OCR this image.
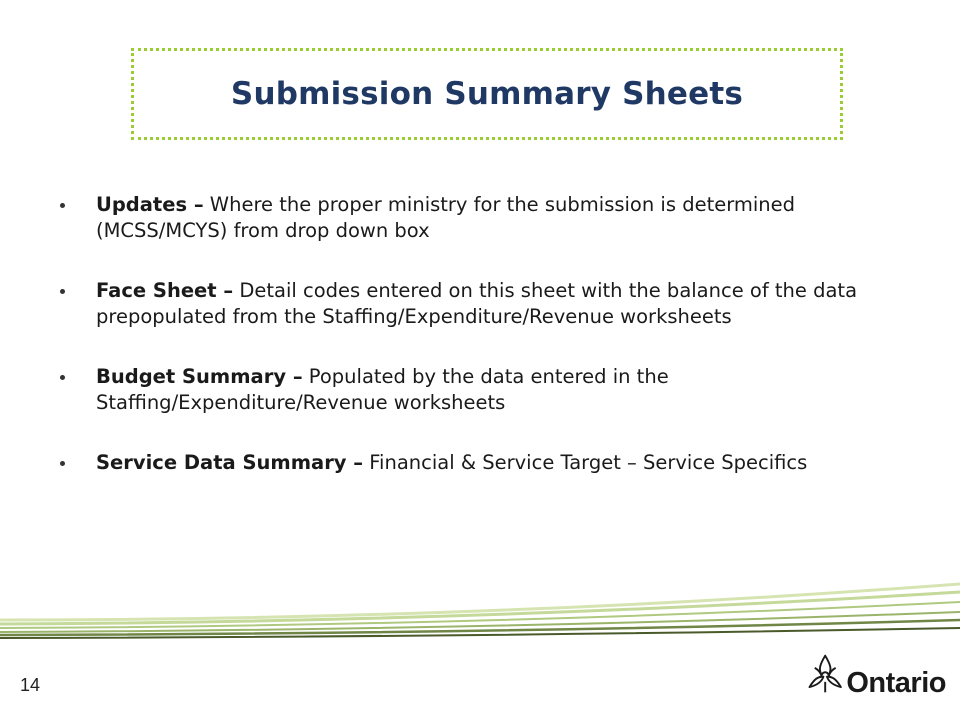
Submission Summary Sheets
Updates – Where the proper ministry for the submission is determined (MCSS/MCYS) from drop down box
Face Sheet – Detail codes entered on this sheet with the balance of the data prepopulated from the Staffing/Expenditure/Revenue worksheets
Budget Summary – Populated by the data entered in the Staffing/Expenditure/Revenue worksheets
Service Data Summary – Financial & Service Target – Service Specifics
14	Ontario
